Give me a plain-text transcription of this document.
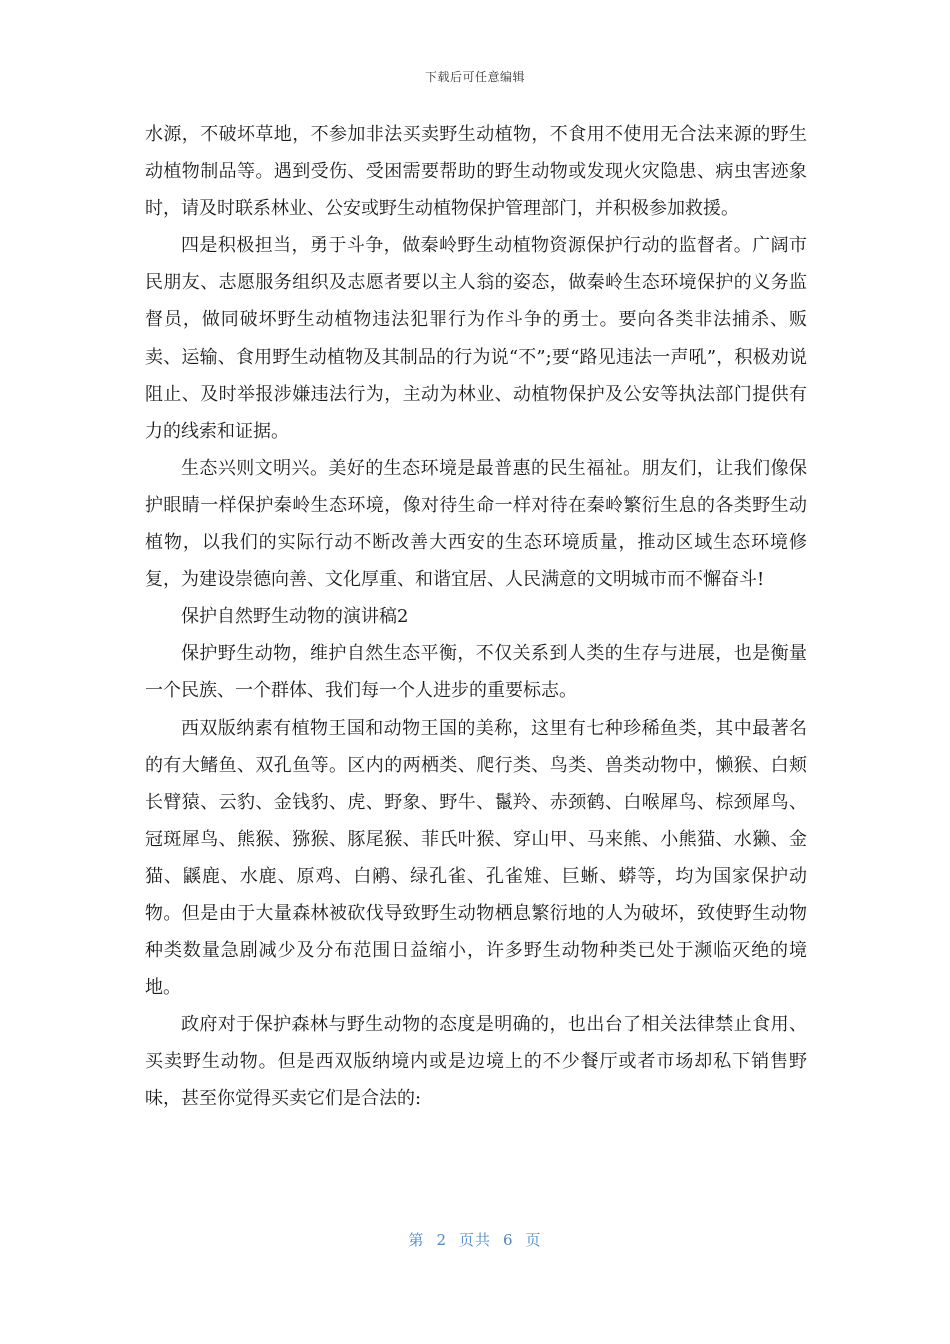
下载后可任意编辑

水源，不破坏草地，不参加非法买卖野生动植物，不食用不使用无合法来源的野生动植物制品等。遇到受伤、受困需要帮助的野生动物或发现火灾隐患、病虫害迹象时，请及时联系林业、公安或野生动植物保护管理部门，并积极参加救援。

四是积极担当，勇于斗争，做秦岭野生动植物资源保护行动的监督者。广阔市民朋友、志愿服务组织及志愿者要以主人翁的姿态，做秦岭生态环境保护的义务监督员，做同破坏野生动植物违法犯罪行为作斗争的勇士。要向各类非法捕杀、贩卖、运输、食用野生动植物及其制品的行为说“不”;要“路见违法一声吼”，积极劝说阻止、及时举报涉嫌违法行为，主动为林业、动植物保护及公安等执法部门提供有力的线索和证据。

生态兴则文明兴。美好的生态环境是最普惠的民生福祉。朋友们，让我们像保护眼睛一样保护秦岭生态环境，像对待生命一样对待在秦岭繁衍生息的各类野生动植物，以我们的实际行动不断改善大西安的生态环境质量，推动区域生态环境修复，为建设崇德向善、文化厚重、和谐宜居、人民满意的文明城市而不懈奋斗!

保护自然野生动物的演讲稿2

保护野生动物，维护自然生态平衡，不仅关系到人类的生存与进展，也是衡量一个民族、一个群体、我们每一个人进步的重要标志。

西双版纳素有植物王国和动物王国的美称，这里有七种珍稀鱼类，其中最著名的有大鳍鱼、双孔鱼等。区内的两栖类、爬行类、鸟类、兽类动物中，懒猴、白颊长臂猿、云豹、金钱豹、虎、野象、野牛、鬣羚、赤颈鹤、白喉犀鸟、棕颈犀鸟、冠斑犀鸟、熊猴、猕猴、豚尾猴、菲氏叶猴、穿山甲、马来熊、小熊猫、水獭、金猫、鼷鹿、水鹿、原鸡、白鹇、绿孔雀、孔雀雉、巨蜥、蟒等，均为国家保护动物。但是由于大量森林被砍伐导致野生动物栖息繁衍地的人为破坏，致使野生动物种类数量急剧减少及分布范围日益缩小，许多野生动物种类已处于濒临灭绝的境地。

政府对于保护森林与野生动物的态度是明确的，也出台了相关法律禁止食用、买卖野生动物。但是西双版纳境内或是边境上的不少餐厅或者市场却私下销售野味，甚至你觉得买卖它们是合法的:

第 2 页共 6 页
